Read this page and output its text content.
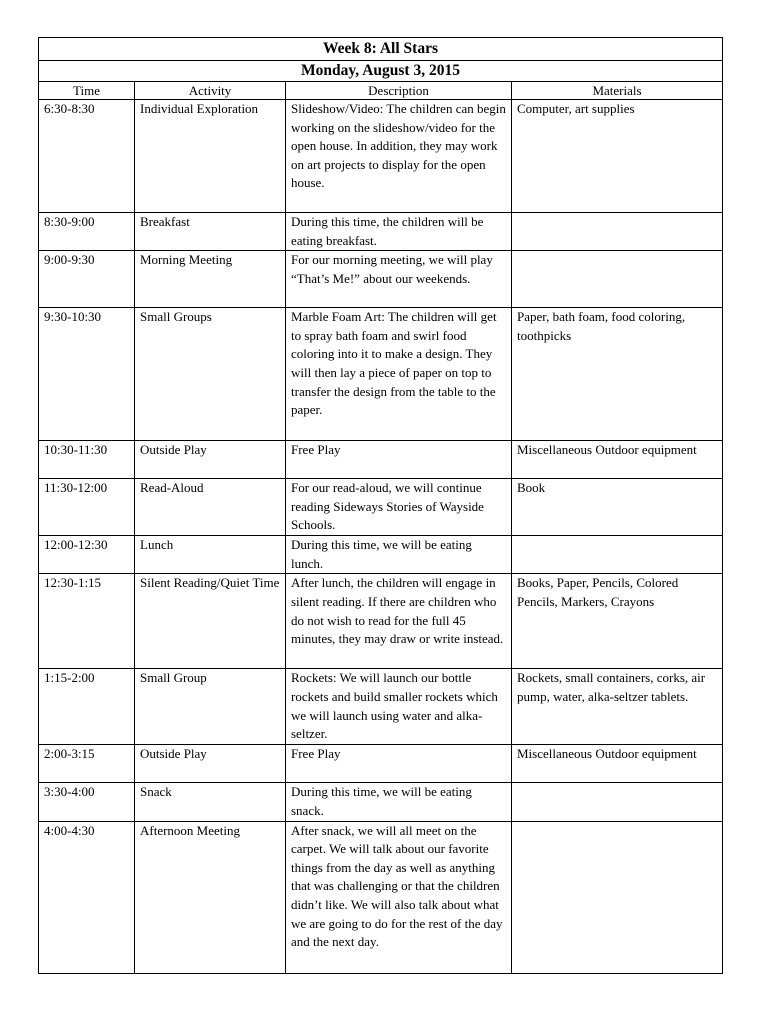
Week 8: All Stars			
Monday, August 3, 2015			
Time	Activity	Description	Materials
6:30-8:30	Individual Exploration	Slideshow/Video: The children can begin working on the slideshow/video for the open house. In addition, they may work on art projects to display for the open house.	Computer, art supplies
8:30-9:00	Breakfast	During this time, the children will be eating breakfast.	
9:00-9:30	Morning Meeting	For our morning meeting, we will play “That’s Me!” about our weekends.	
9:30-10:30	Small Groups	Marble Foam Art: The children will get to spray bath foam and swirl food coloring into it to make a design. They will then lay a piece of paper on top to transfer the design from the table to the paper.	Paper, bath foam, food coloring, toothpicks
10:30-11:30	Outside Play	Free Play	Miscellaneous Outdoor equipment
11:30-12:00	Read-Aloud	For our read-aloud, we will continue reading Sideways Stories of Wayside Schools.	Book
12:00-12:30	Lunch	During this time, we will be eating lunch.	
12:30-1:15	Silent Reading/Quiet Time	After lunch, the children will engage in silent reading. If there are children who do not wish to read for the full 45 minutes, they may draw or write instead.	Books, Paper, Pencils, Colored Pencils, Markers, Crayons
1:15-2:00	Small Group	Rockets: We will launch our bottle rockets and build smaller rockets which we will launch using water and alka-seltzer.	Rockets, small containers, corks, air pump, water, alka-seltzer tablets.
2:00-3:15	Outside Play	Free Play	Miscellaneous Outdoor equipment
3:30-4:00	Snack	During this time, we will be eating snack.	
4:00-4:30	Afternoon Meeting	After snack, we will all meet on the carpet. We will talk about our favorite things from the day as well as anything that was challenging or that the children didn’t like. We will also talk about what we are going to do for the rest of the day and the next day.	
